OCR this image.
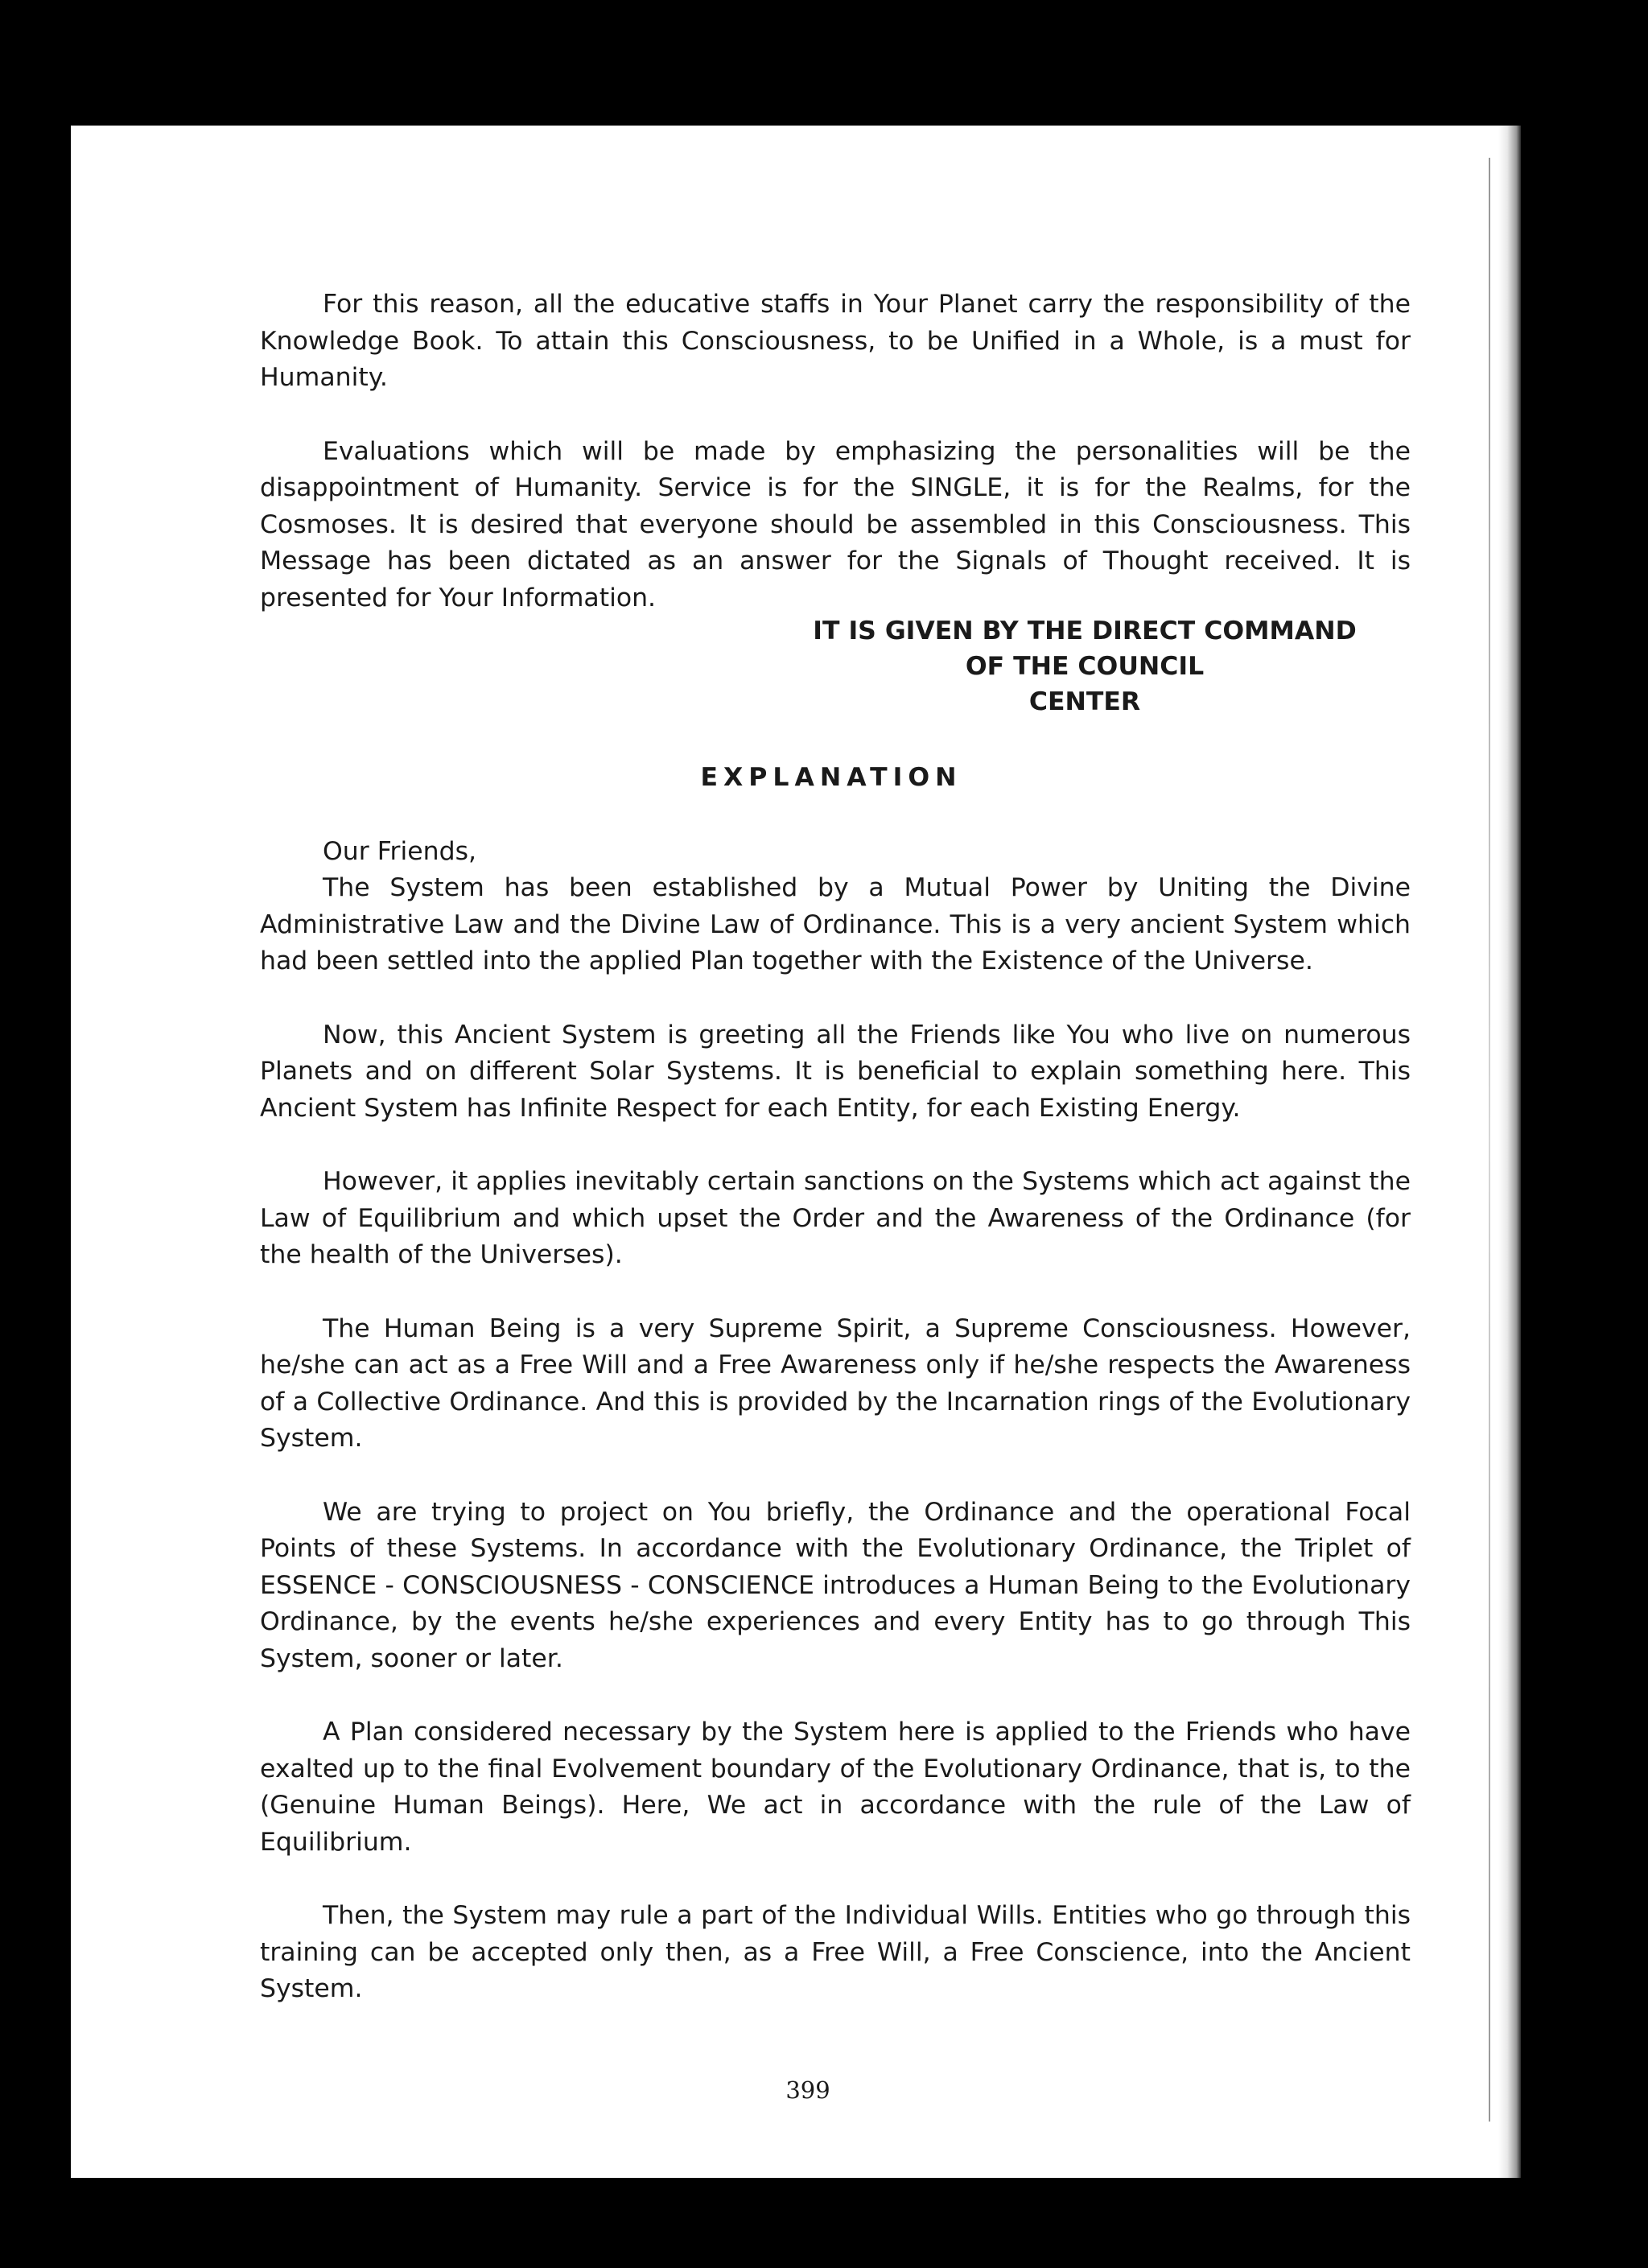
For this reason, all the educative staffs in Your Planet carry the responsibility of the Knowledge Book. To attain this Consciousness, to be Unified in a Whole, is a must for Humanity.

Evaluations which will be made by emphasizing the personalities will be the disappointment of Humanity. Service is for the SINGLE, it is for the Realms, for the Cosmoses. It is desired that everyone should be assembled in this Consciousness. This Message has been dictated as an answer for the Signals of Thought received. It is presented for Your Information.

IT IS GIVEN BY THE DIRECT COMMAND
OF THE COUNCIL
CENTER
EXPLANATION

Our Friends,

The System has been established by a Mutual Power by Uniting the Divine Administrative Law and the Divine Law of Ordinance. This is a very ancient System which had been settled into the applied Plan together with the Existence of the Universe.

Now, this Ancient System is greeting all the Friends like You who live on numerous Planets and on different Solar Systems. It is beneficial to explain something here. This Ancient System has Infinite Respect for each Entity, for each Existing Energy.

However, it applies inevitably certain sanctions on the Systems which act against the Law of Equilibrium and which upset the Order and the Awareness of the Ordinance (for the health of the Universes).

The Human Being is a very Supreme Spirit, a Supreme Consciousness. However, he/she can act as a Free Will and a Free Awareness only if he/she respects the Awareness of a Collective Ordinance. And this is provided by the Incarnation rings of the Evolutionary System.

We are trying to project on You briefly, the Ordinance and the operational Focal Points of these Systems. In accordance with the Evolutionary Ordinance, the Triplet of ESSENCE - CONSCIOUSNESS - CONSCIENCE introduces a Human Being to the Evolutionary Ordinance, by the events he/she experiences and every Entity has to go through This System, sooner or later.

A Plan considered necessary by the System here is applied to the Friends who have exalted up to the final Evolvement boundary of the Evolutionary Ordinance, that is, to the (Genuine Human Beings). Here, We act in accordance with the rule of the Law of Equilibrium.

Then, the System may rule a part of the Individual Wills. Entities who go through this training can be accepted only then, as a Free Will, a Free Conscience, into the Ancient System.

399
